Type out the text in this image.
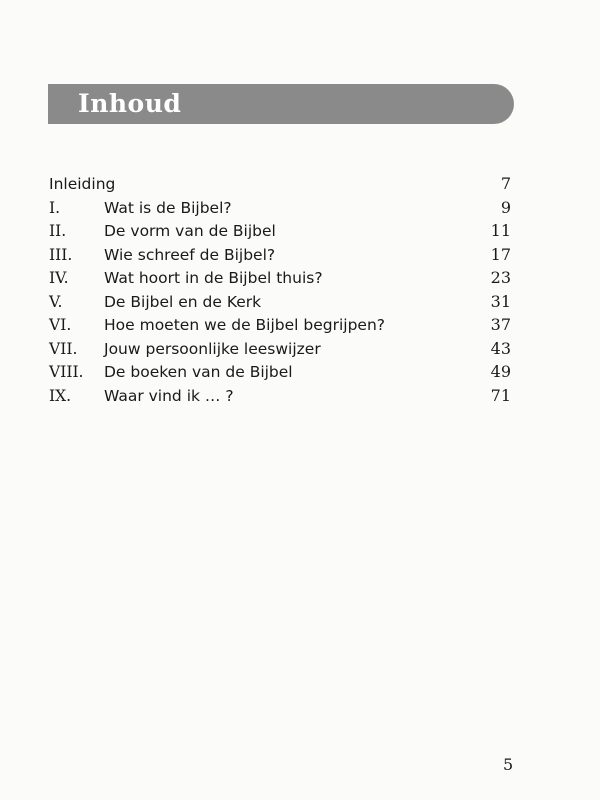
Inhoud
Inleiding	7
I.	Wat is de Bijbel?	9
II. De vorm van de Bijbel	11
III. Wie schreef de Bijbel?	17
IV. Wat hoort in de Bijbel thuis?	23
V.	De Bijbel en de Kerk	31
VI. Hoe moeten we de Bijbel begrijpen?	37
VII. Jouw persoonlijke leeswijzer	43
VIII. De boeken van de Bijbel	49
IX. Waar vind ik … ?	71
5
